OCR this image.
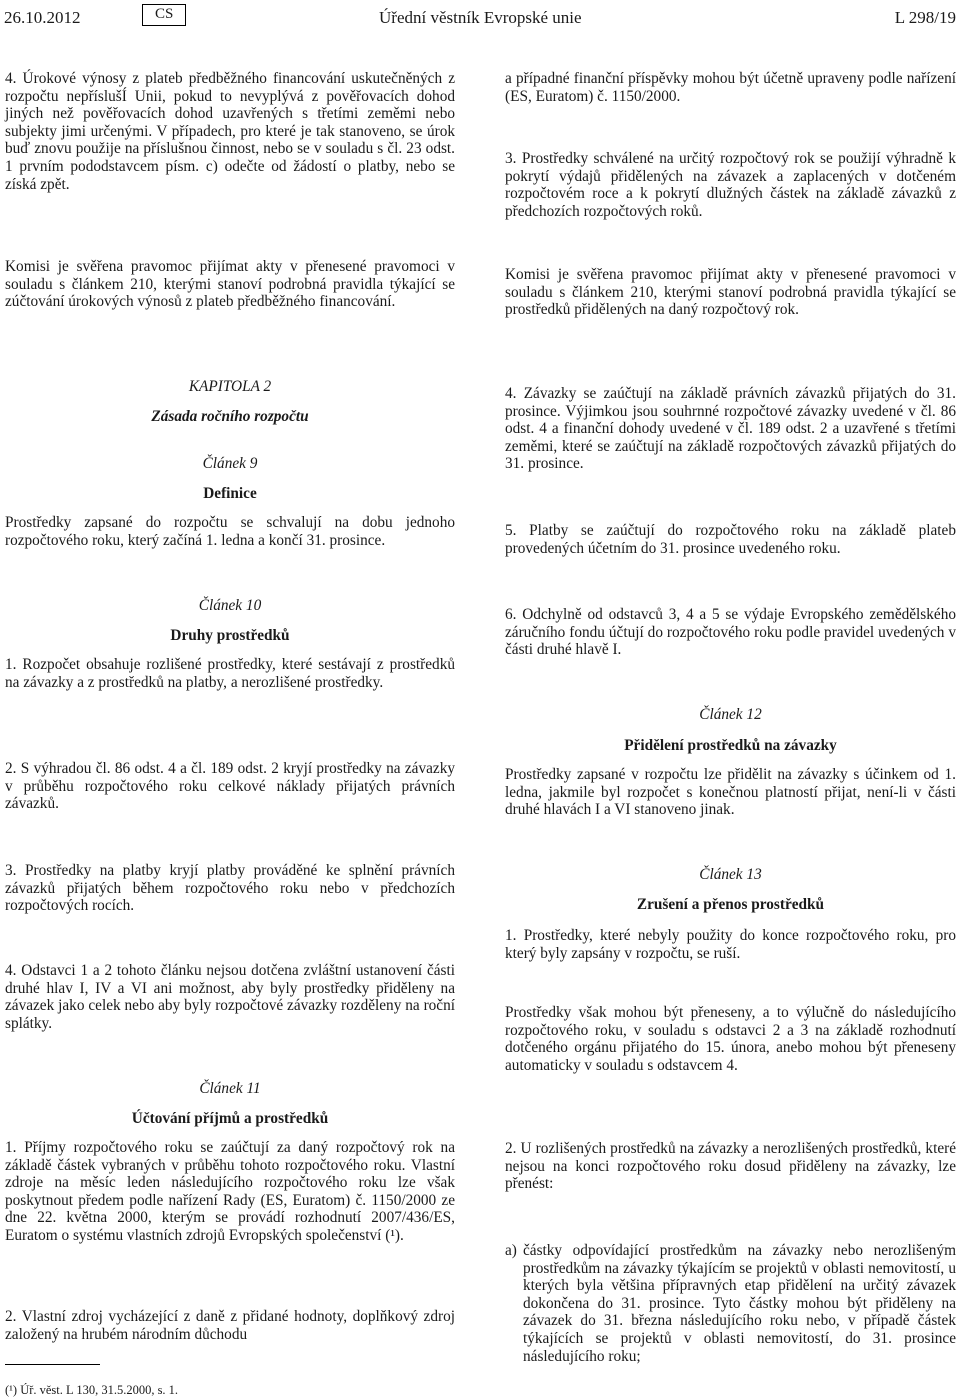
26.10.2012	CS	Úřední věstník Evropské unie	L 298/19

4. Úrokové výnosy z plateb předběžného financování uskutečněných z rozpočtu nepříslušÍ Unii, pokud to nevyplývá z pověřovacích dohod jiných než pověřovacích dohod uzavřených s třetími zeměmi nebo subjekty jimi určenými. V případech, pro které je tak stanoveno, se úrok buď znovu použije na příslušnou činnost, nebo se v souladu s čl. 23 odst. 1 prvním pododstavcem písm. c) odečte od žádostí o platby, nebo se získá zpět.

Komisi je svěřena pravomoc přijímat akty v přenesené pravomoci v souladu s článkem 210, kterými stanoví podrobná pravidla týkající se zúčtování úrokových výnosů z plateb předběžného financování.

KAPITOLA 2

Zásada ročního rozpočtu

Článek 9

Definice

Prostředky zapsané do rozpočtu se schvalují na dobu jednoho rozpočtového roku, který začíná 1. ledna a končí 31. prosince.

Článek 10

Druhy prostředků

1. Rozpočet obsahuje rozlišené prostředky, které sestávají z prostředků na závazky a z prostředků na platby, a nerozlišené prostředky.

2. S výhradou čl. 86 odst. 4 a čl. 189 odst. 2 kryjí prostředky na závazky v průběhu rozpočtového roku celkové náklady přijatých právních závazků.

3. Prostředky na platby kryjí platby prováděné ke splnění právních závazků přijatých během rozpočtového roku nebo v předchozích rozpočtových rocích.

4. Odstavci 1 a 2 tohoto článku nejsou dotčena zvláštní ustanovení části druhé hlav I, IV a VI ani možnost, aby byly prostředky přiděleny na závazek jako celek nebo aby byly rozpočtové závazky rozděleny na roční splátky.

Článek 11

Účtování příjmů a prostředků

1. Příjmy rozpočtového roku se zaúčtují za daný rozpočtový rok na základě částek vybraných v průběhu tohoto rozpočtového roku. Vlastní zdroje na měsíc leden následujícího rozpočtového roku lze však poskytnout předem podle nařízení Rady (ES, Euratom) č. 1150/2000 ze dne 22. května 2000, kterým se provádí rozhodnutí 2007/436/ES, Euratom o systému vlastních zdrojů Evropských společenství (¹).

2. Vlastní zdroj vycházející z daně z přidané hodnoty, doplňkový zdroj založený na hrubém národním důchodu

(¹) Úř. věst. L 130, 31.5.2000, s. 1.

a případné finanční příspěvky mohou být účetně upraveny podle nařízení (ES, Euratom) č. 1150/2000.

3. Prostředky schválené na určitý rozpočtový rok se použijí výhradně k pokrytí výdajů přidělených na závazek a zaplacených v dotčeném rozpočtovém roce a k pokrytí dlužných částek na základě závazků z předchozích rozpočtových roků.

Komisi je svěřena pravomoc přijímat akty v přenesené pravomoci v souladu s článkem 210, kterými stanoví podrobná pravidla týkající se prostředků přidělených na daný rozpočtový rok.

4. Závazky se zaúčtují na základě právních závazků přijatých do 31. prosince. Výjimkou jsou souhrnné rozpočtové závazky uvedené v čl. 86 odst. 4 a finanční dohody uvedené v čl. 189 odst. 2 a uzavřené s třetími zeměmi, které se zaúčtují na základě rozpočtových závazků přijatých do 31. prosince.

5. Platby se zaúčtují do rozpočtového roku na základě plateb provedených účetním do 31. prosince uvedeného roku.

6. Odchylně od odstavců 3, 4 a 5 se výdaje Evropského zemědělského záručního fondu účtují do rozpočtového roku podle pravidel uvedených v části druhé hlavě I.

Článek 12

Přidělení prostředků na závazky

Prostředky zapsané v rozpočtu lze přidělit na závazky s účinkem od 1. ledna, jakmile byl rozpočet s konečnou platností přijat, není-li v části druhé hlavách I a VI stanoveno jinak.

Článek 13

Zrušení a přenos prostředků

1. Prostředky, které nebyly použity do konce rozpočtového roku, pro který byly zapsány v rozpočtu, se ruší.

Prostředky však mohou být přeneseny, a to výlučně do následujícího rozpočtového roku, v souladu s odstavci 2 a 3 na základě rozhodnutí dotčeného orgánu přijatého do 15. února, anebo mohou být přeneseny automaticky v souladu s odstavcem 4.

2. U rozlišených prostředků na závazky a nerozlišených prostředků, které nejsou na konci rozpočtového roku dosud přiděleny na závazky, lze přenést:

a) částky odpovídající prostředkům na závazky nebo nerozlišeným prostředkům na závazky týkajícím se projektů v oblasti nemovitostí, u kterých byla většina přípravných etap přidělení na určitý závazek dokončena do 31. prosince. Tyto částky mohou být přiděleny na závazek do 31. března následujícího roku nebo, v případě částek týkajících se projektů v oblasti nemovitostí, do 31. prosince následujícího roku;
